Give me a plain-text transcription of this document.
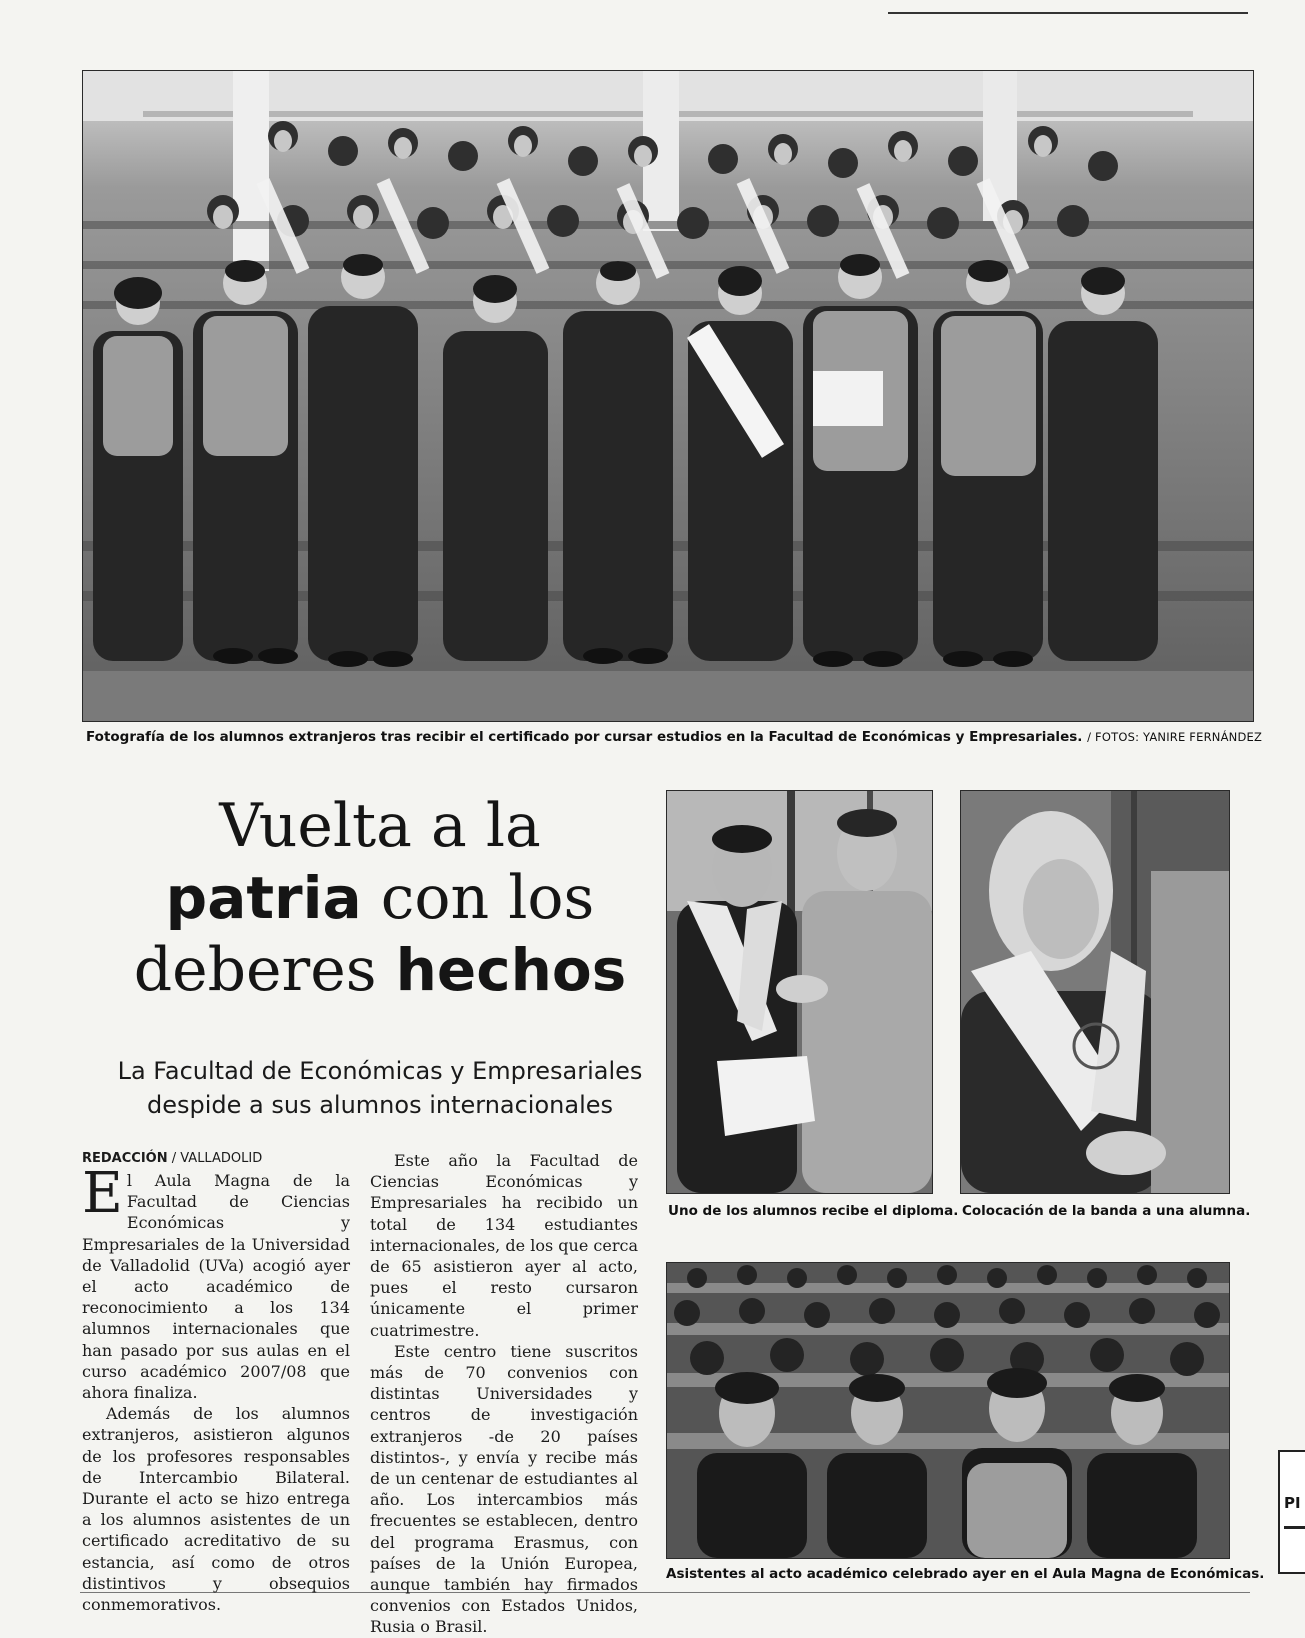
Fotografía de los alumnos extranjeros tras recibir el certificado por cursar estudios en la Facultad de Económicas y Empresariales. / FOTOS: YANIRE FERNÁNDEZ

Vuelta a la
patria con los
deberes hechos
La Facultad de Económicas y Empresariales
despide a sus alumnos internacionales
REDACCIÓN / VALLADOLID

El Aula Magna de la Facultad de Ciencias Económicas y Empresariales de la Universidad de Valladolid (UVa) acogió ayer el acto académico de reconocimiento a los 134 alumnos internacionales que han pasado por sus aulas en el curso académico 2007/08 que ahora finaliza.

Además de los alumnos extranjeros, asistieron algunos de los profesores responsables de Intercambio Bilateral. Durante el acto se hizo entrega a los alumnos asistentes de un certificado acreditativo de su estancia, así como de otros distintivos y obsequios conmemorativos.

Este año la Facultad de Ciencias Económicas y Empresariales ha recibido un total de 134 estudiantes internacionales, de los que cerca de 65 asistieron ayer al acto, pues el resto cursaron únicamente el primer cuatrimestre.

Este centro tiene suscritos más de 70 convenios con distintas Universidades y centros de investigación extranjeros -de 20 países distintos-, y envía y recibe más de un centenar de estudiantes al año. Los intercambios más frecuentes se establecen, dentro del programa Erasmus, con países de la Unión Europea, aunque también hay firmados convenios con Estados Unidos, Rusia o Brasil.

Uno de los alumnos recibe el diploma. Colocación de la banda a una alumna.

Asistentes al acto académico celebrado ayer en el Aula Magna de Económicas.

PI
